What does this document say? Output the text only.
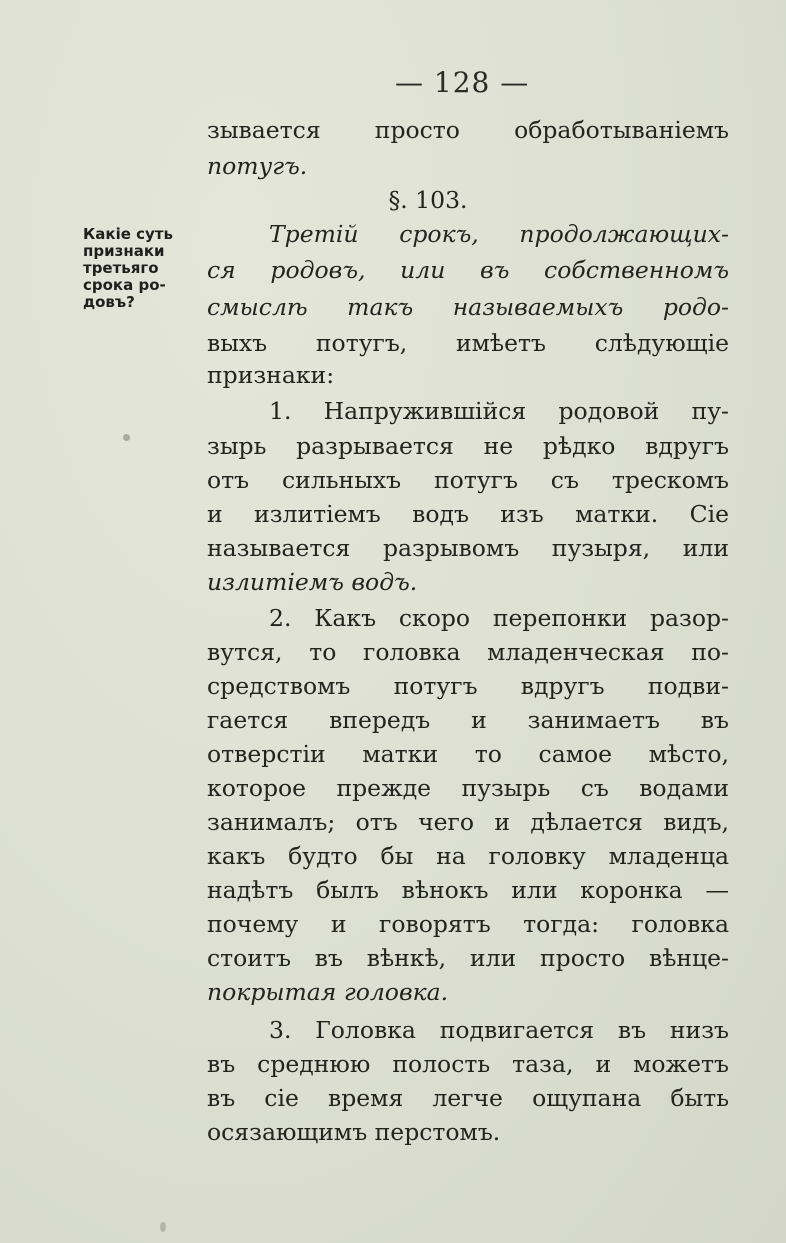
— 128 —
Какіе суть
признаки
третьяго
срока ро-
довъ?
зывается просто обработываніемъ
потугъ.
§. 103.
Третій срокъ, продолжающих-
ся родовъ, или въ собственномъ
смыслѣ такъ называемыхъ родо-
выхъ потугъ, имѣетъ слѣдующіе
признаки:
1. Напружившійся родовой пу-
зырь разрывается не рѣдко вдругъ
отъ сильныхъ потугъ съ трескомъ
и излитіемъ водъ изъ матки. Сіе
называется разрывомъ пузыря, или
излитіемъ водъ.
2. Какъ скоро перепонки разор-
вутся, то головка младенческая по-
средствомъ потугъ вдругъ подви-
гается впередъ и занимаетъ въ
отверстіи матки то самое мѣсто,
которое прежде пузырь съ водами
занималъ; отъ чего и дѣлается видъ,
какъ будто бы на головку младенца
надѣтъ былъ вѣнокъ или коронка —
почему и говорятъ тогда: головка
стоитъ въ вѣнкѣ, или просто вѣнце-
покрытая головка.
3. Головка подвигается въ низъ
въ среднюю полость таза, и можетъ
въ сіе время легче ощупана быть
осязающимъ перстомъ.
